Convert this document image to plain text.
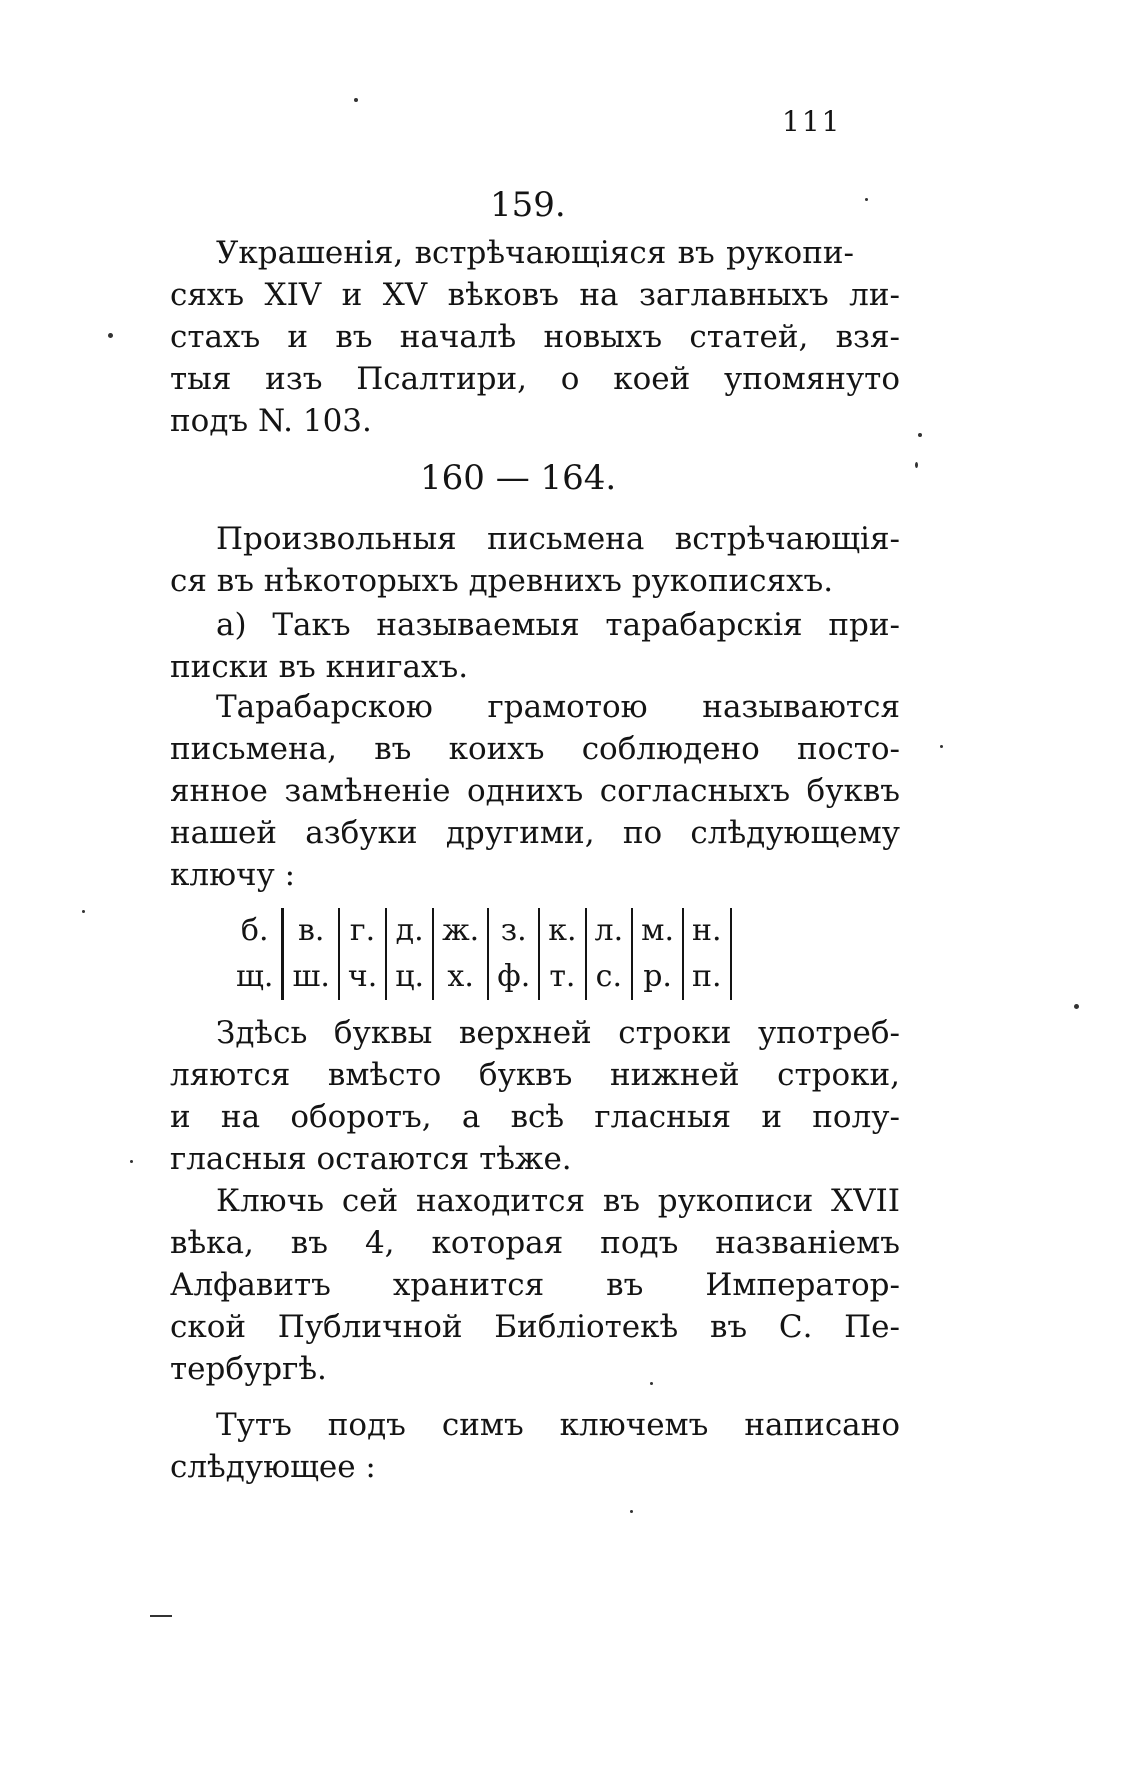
111
159.
Украшенія, встрѣчающіяся въ рукопи-
сяхъ XIV и XV вѣковъ на заглавныхъ ли-
стахъ и въ началѣ новыхъ статей, взя-
тыя изъ Псалтири, о коей упомянуто
подъ N. 103.
160 — 164.
Произвольныя письмена встрѣчающія-
ся въ нѣкоторыхъ древнихъ рукописяхъ.
а) Такъ называемыя тарабарскія при-
писки въ книгахъ.
Тарабарскою грамотою называются
письмена, въ коихъ соблюдено посто-
янное замѣненіе однихъ согласныхъ буквъ
нашей азбуки другими, по слѣдующему
ключу :
б.	в.	г.	д.	ж.	з.	к.	л.	м.	н.
щ.	ш.	ч.	ц.	х.	ф.	т.	с.	р.	п.
Здѣсь буквы верхней строки употреб-
ляются вмѣсто буквъ нижней строки,
и на оборотъ, а всѣ гласныя и полу-
гласныя остаются тѣже.
Ключь сей находится въ рукописи XVII
вѣка, въ 4, которая подъ названіемъ
Алфавитъ хранится въ Император-
ской Публичной Библіотекѣ въ С. Пе-
тербургѣ.
Тутъ подъ симъ ключемъ написано
слѣдующее :
